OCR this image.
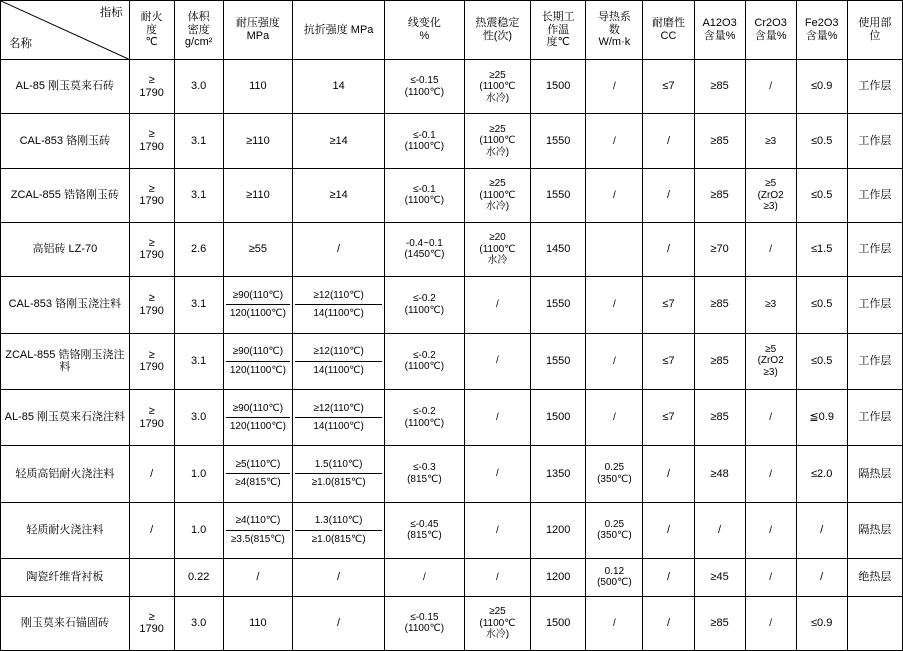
指标
名称	耐火
度
℃	体积
密度
g/cm²	耐压强度
MPa	抗折强度 MPa	线变化
%	热震稳定
性(次)	长期工
作温
度℃	导热系
数
W/m·k	耐磨性
CC	A12O3
含量%	Cr2O3
含量%	Fe2O3
含量%	使用部
位

AL-85 刚玉莫来石砖	≥
1790	3.0	110	14	≤-0.15
(1100℃)	≥25
(1100℃
水冷)	1500	/	≤7	≥85	/	≤0.9	工作层
CAL-853 铬刚玉砖	≥
1790	3.1	≥110	≥14	≤-0.1
(1100℃)	≥25
(1100℃
水冷)	1550	/	/	≥85	≥3	≤0.5	工作层
ZCAL-855 锆铬刚玉砖	≥
1790	3.1	≥110	≥14	≤-0.1
(1100℃)	≥25
(1100℃
水冷)	1550	/	/	≥85	≥5
(ZrO2
≥3)	≤0.5	工作层
高铝砖 LZ-70	≥
1790	2.6	≥55	/	-0.4~0.1
(1450℃)	≥20
(1100℃
水冷	1450		/	≥70	/	≤1.5	工作层
CAL-853 铬刚玉浇注料	≥
1790	3.1	≥90(110℃)
120(1100℃)	≥12(110℃)
14(1100℃)	≤-0.2
(1100℃)	/	1550	/	≤7	≥85	≥3	≤0.5	工作层
ZCAL-855 锆铬刚玉浇注料	≥
1790	3.1	≥90(110℃)
120(1100℃)	≥12(110℃)
14(1100℃)	≤-0.2
(1100℃)	/	1550	/	≤7	≥85	≥5
(ZrO2
≥3)	≤0.5	工作层
AL-85 刚玉莫来石浇注料	≥
1790	3.0	≥90(110℃)
120(1100℃)	≥12(110℃)
14(1100℃)	≤-0.2
(1100℃)	/	1500	/	≤7	≥85	/	≦0.9	工作层
轻质高铝耐火浇注料	/	1.0	≥5(110℃)
≥4(815℃)	1.5(110℃)
≥1.0(815℃)	≤-0.3
(815℃)	/	1350	0.25
(350℃)	/	≥48	/	≤2.0	隔热层
轻质耐火浇注料	/	1.0	≥4(110℃)
≥3.5(815℃)	1.3(110℃)
≥1.0(815℃)	≤-0.45
(815℃)	/	1200	0.25
(350℃)	/	/	/	/	隔热层
陶瓷纤维背衬板		0.22	/	/	/	/	1200	0.12
(500℃)	/	≥45	/	/	绝热层
刚玉莫来石锚固砖	≥
1790	3.0	110	/	≤-0.15
(1100℃)	≥25
(1100℃
水冷)	1500	/	/	≥85	/	≤0.9	
